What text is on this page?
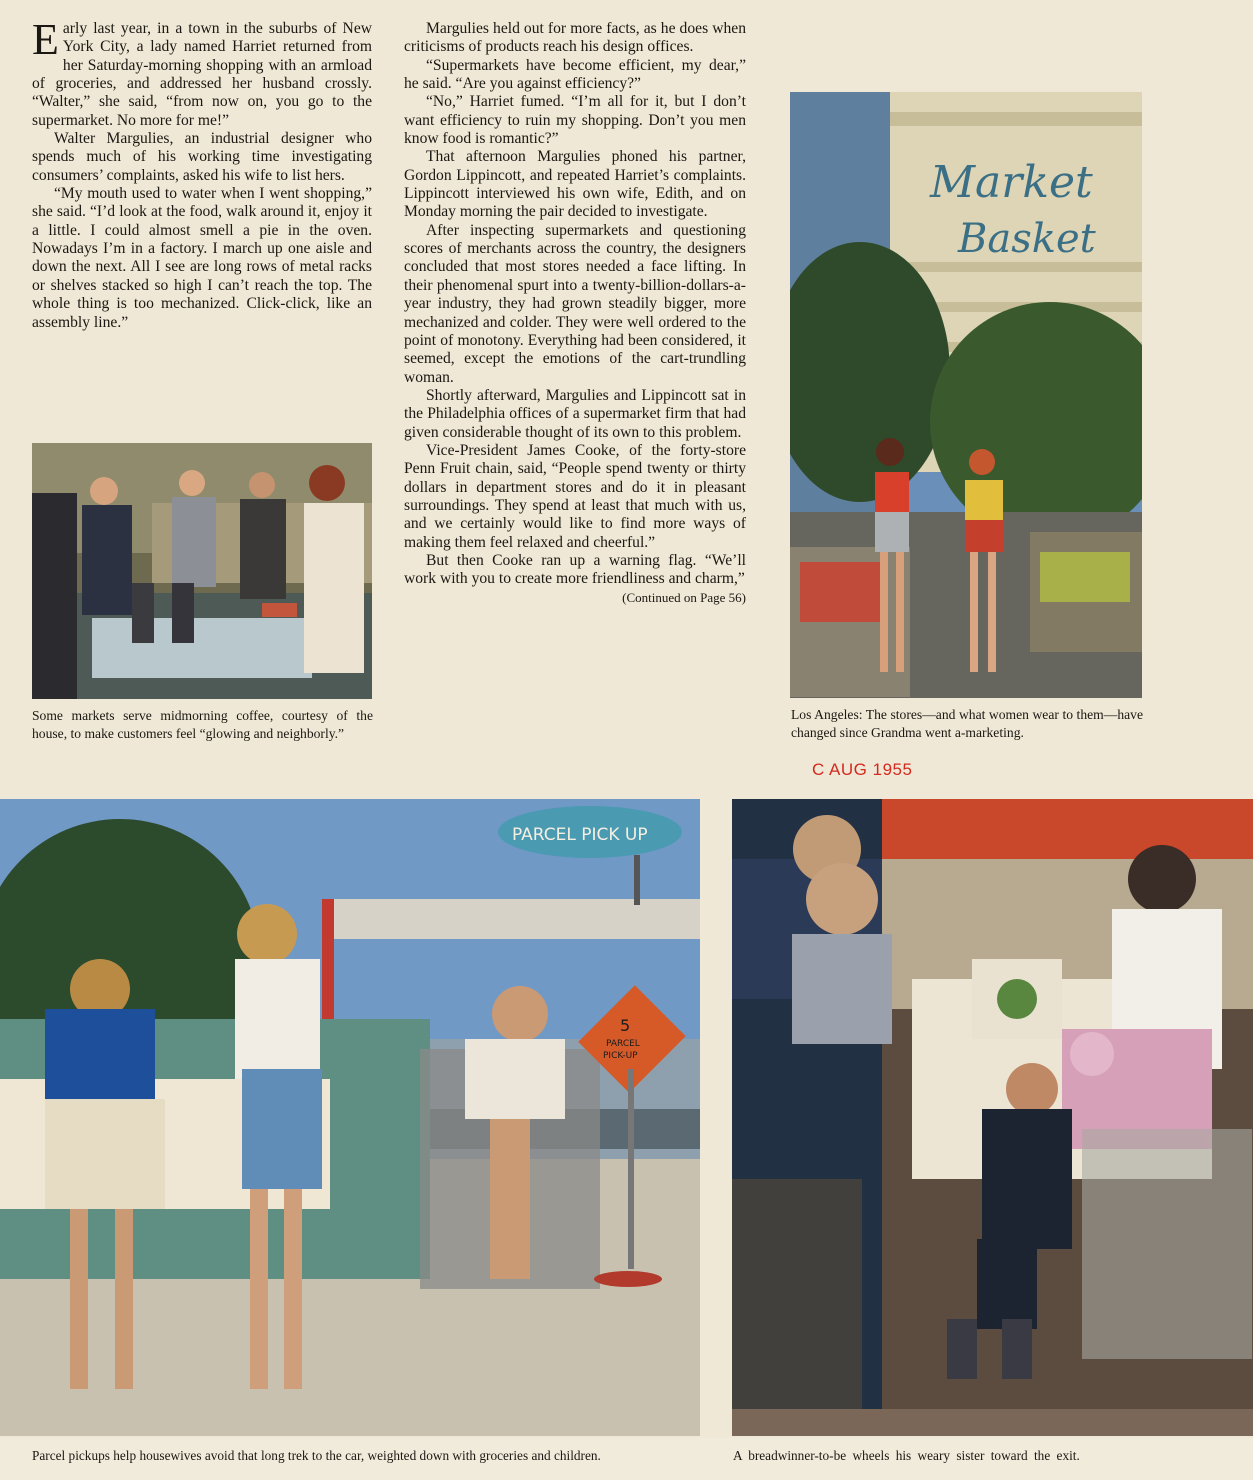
Early last year, in a town in the suburbs of New York City, a lady named Harriet returned from her Saturday-morning shopping with an armload of groceries, and addressed her husband crossly. “Walter,” she said, “from now on, you go to the supermarket. No more for me!”

Walter Margulies, an industrial designer who spends much of his working time investigating consumers’ complaints, asked his wife to list hers.

“My mouth used to water when I went shopping,” she said. “I’d look at the food, walk around it, enjoy it a little. I could almost smell a pie in the oven. Nowadays I’m in a factory. I march up one aisle and down the next. All I see are long rows of metal racks or shelves stacked so high I can’t reach the top. The whole thing is too mechanized. Click-click, like an assembly line.”

Margulies held out for more facts, as he does when criticisms of products reach his design offices.

“Supermarkets have become efficient, my dear,” he said. “Are you against efficiency?”

“No,” Harriet fumed. “I’m all for it, but I don’t want efficiency to ruin my shopping. Don’t you men know food is romantic?”

That afternoon Margulies phoned his partner, Gordon Lippincott, and repeated Harriet’s complaints. Lippincott interviewed his own wife, Edith, and on Monday morning the pair decided to investigate.

After inspecting supermarkets and questioning scores of merchants across the country, the designers concluded that most stores needed a face lifting. In their phenomenal spurt into a twenty-billion-dollars-a-year industry, they had grown steadily bigger, more mechanized and colder. They were well ordered to the point of monotony. Everything had been considered, it seemed, except the emotions of the cart-trundling woman.

Shortly afterward, Margulies and Lippincott sat in the Philadelphia offices of a supermarket firm that had given considerable thought of its own to this problem.

Vice-President James Cooke, of the forty-store Penn Fruit chain, said, “People spend twenty or thirty dollars in department stores and do it in pleasant surroundings. They spend at least that much with us, and we certainly would like to find more ways of making them feel relaxed and cheerful.”

But then Cooke ran up a warning flag. “We’ll work with you to create more friendliness and charm,”
(Continued on Page 56)

Some markets serve midmorning coffee, courtesy of the house, to make customers feel “glowing and neighborly.”
Market
Basket
Los Angeles: The stores—and what women wear to them—have changed since Grandma went a-marketing.
C AUG 1955
PARCEL PICK UP
5
PARCEL
PICK-UP
Parcel pickups help housewives avoid that long trek to the car, weighted down with groceries and children.	A breadwinner-to-be wheels his weary sister toward the exit.
